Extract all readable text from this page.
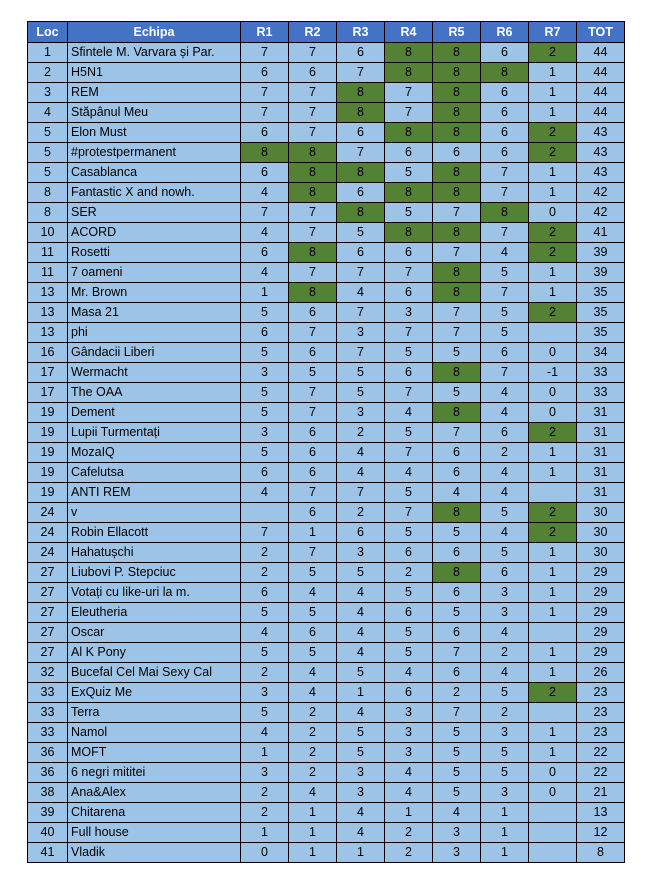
Loc	Echipa	R1	R2	R3	R4	R5	R6	R7	TOT
1	Sfintele M. Varvara și Par.	7	7	6	8	8	6	2	44
2	H5N1	6	6	7	8	8	8	1	44
3	REM	7	7	8	7	8	6	1	44
4	Stăpânul Meu	7	7	8	7	8	6	1	44
5	Elon Must	6	7	6	8	8	6	2	43
5	#protestpermanent	8	8	7	6	6	6	2	43
5	Casablanca	6	8	8	5	8	7	1	43
8	Fantastic X and nowh.	4	8	6	8	8	7	1	42
8	SER	7	7	8	5	7	8	0	42
10	ACORD	4	7	5	8	8	7	2	41
11	Rosetti	6	8	6	6	7	4	2	39
11	7 oameni	4	7	7	7	8	5	1	39
13	Mr. Brown	1	8	4	6	8	7	1	35
13	Masa 21	5	6	7	3	7	5	2	35
13	phi	6	7	3	7	7	5		35
16	Gândacii Liberi	5	6	7	5	5	6	0	34
17	Wermacht	3	5	5	6	8	7	-1	33
17	The OAA	5	7	5	7	5	4	0	33
19	Dement	5	7	3	4	8	4	0	31
19	Lupii Turmentați	3	6	2	5	7	6	2	31
19	MozaIQ	5	6	4	7	6	2	1	31
19	Cafelutsa	6	6	4	4	6	4	1	31
19	ANTI REM	4	7	7	5	4	4		31
24	v		6	2	7	8	5	2	30
24	Robin Ellacott	7	1	6	5	5	4	2	30
24	Hahatușchi	2	7	3	6	6	5	1	30
27	Liubovi P. Stepciuc	2	5	5	2	8	6	1	29
27	Votați cu like-uri la m.	6	4	4	5	6	3	1	29
27	Eleutheria	5	5	4	6	5	3	1	29
27	Oscar	4	6	4	5	6	4		29
27	Al K Pony	5	5	4	5	7	2	1	29
32	Bucefal Cel Mai Sexy Cal	2	4	5	4	6	4	1	26
33	ExQuiz Me	3	4	1	6	2	5	2	23
33	Terra	5	2	4	3	7	2		23
33	Namol	4	2	5	3	5	3	1	23
36	MOFT	1	2	5	3	5	5	1	22
36	6 negri mititei	3	2	3	4	5	5	0	22
38	Ana&Alex	2	4	3	4	5	3	0	21
39	Chitarena	2	1	4	1	4	1		13
40	Full house	1	1	4	2	3	1		12
41	Vladik	0	1	1	2	3	1		8
